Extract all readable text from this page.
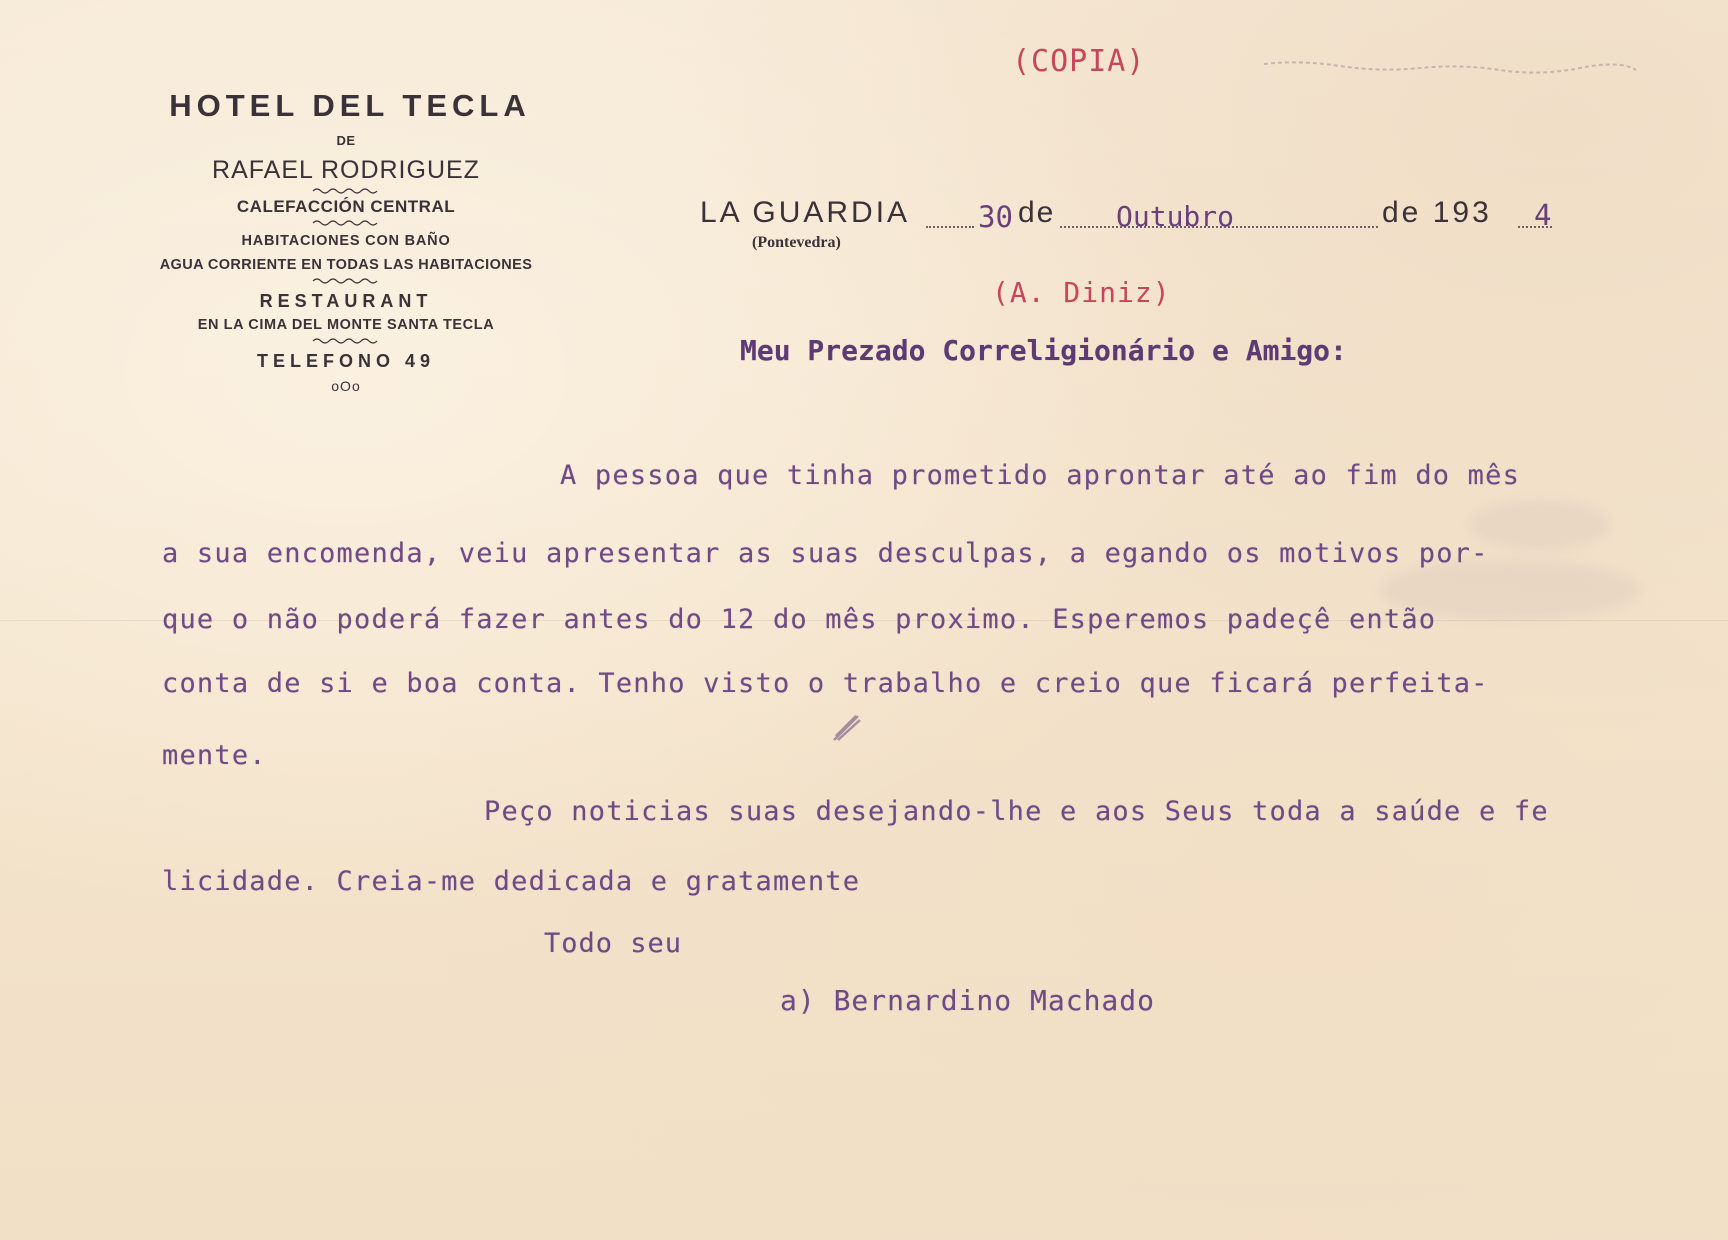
HOTEL DEL TECLA
DE
RAFAEL RODRIGUEZ
CALEFACCIÓN CENTRAL
HABITACIONES CON BAÑO
AGUA CORRIENTE EN TODAS LAS HABITACIONES
RESTAURANT
EN LA CIMA DEL MONTE SANTA TECLA
TELEFONO 49
oOo
(COPIA)
LA GUARDIA
(Pontevedra)
30 de Outubro	de 193 4
(A. Diniz)
Meu Prezado Correligionário e Amigo:
A pessoa que tinha prometido aprontar até ao fim do mês
a sua encomenda, veiu apresentar as suas desculpas, a egando os motivos por-
que o não poderá fazer antes do 12 do mês proximo. Esperemos padeçê então
conta de si e boa conta. Tenho visto o trabalho e creio que ficará perfeita-
mente.
Peço noticias suas desejando-lhe e aos Seus toda a saúde e fe
licidade. Creia-me dedicada e gratamente
Todo seu
a) Bernardino Machado
